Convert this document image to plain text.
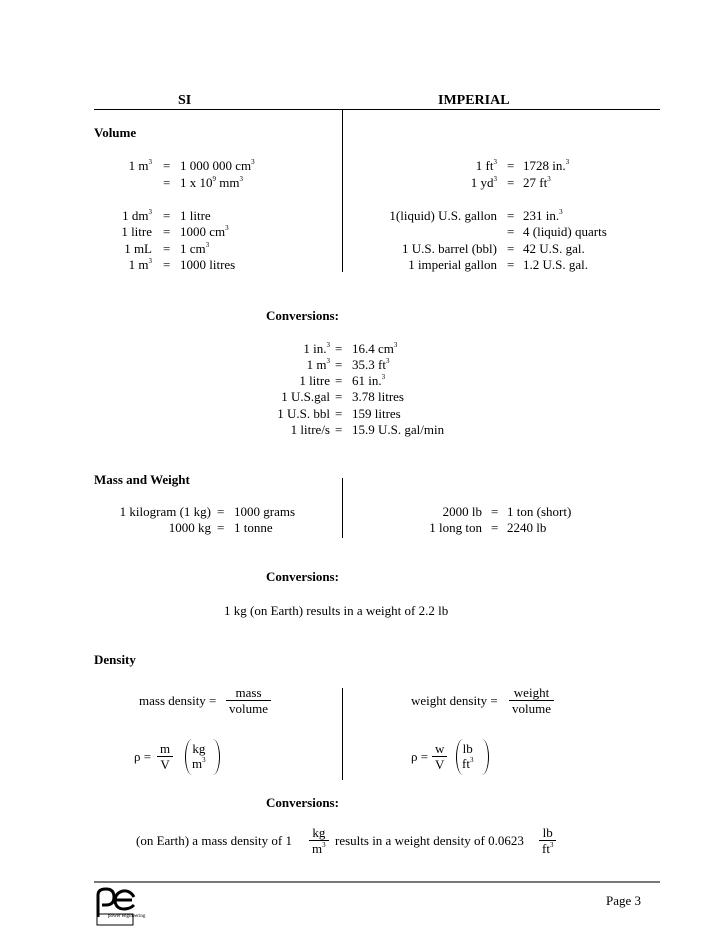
SI	IMPERIAL
Volume
1 $m^3 = 1$ 000 000 $cm^3$
= 1 x $10^9$ $mm^3$
1 $dm^3 = 1$ litre
1 litre = 1000 $cm^3$
1 mL = 1 $cm^3$
1 $m^3 = 1000$ litres
1 $ft^3 = 1728$ in.$^3$
1 $yd^3 = 27$ $ft^3$
1(liquid) U.S. gallon = 231 in.$^3$
= 4 (liquid) quarts
1 U.S. barrel (bbl) = 42 U.S. gal.
1 imperial gallon = 1.2 U.S. gal.
Conversions:
1 in.$^3$ = 16.4 $cm^3$
1 $m^3 = 35.3$ $ft^3$
1 litre = 61 in.$^3$
1 U.S.gal = 3.78 litres
1 U.S. bbl = 159 litres
1 litre/s = 15.9 U.S. gal/min
Mass and Weight
1 kilogram (1 kg) = 1000 grams
1000 kg = 1 tonne
2000 lb = 1 ton (short)
1 long ton = 2240 lb
Conversions:
1 kg (on Earth) results in a weight of 2.2 lb
Density
mass density =
mass
volume
weight density =
weight
volume
$\rho = \frac{m}{V}$ kg
$m^3$	$\rho = \frac{w}{V}$ lb
$ft^3$
Conversions:
(on Earth) a mass density of $1 \frac{kg}{m^3}$ results in a weight density of $0.0623 \frac{lb}{ft^3}$
power engineering
Page 3
